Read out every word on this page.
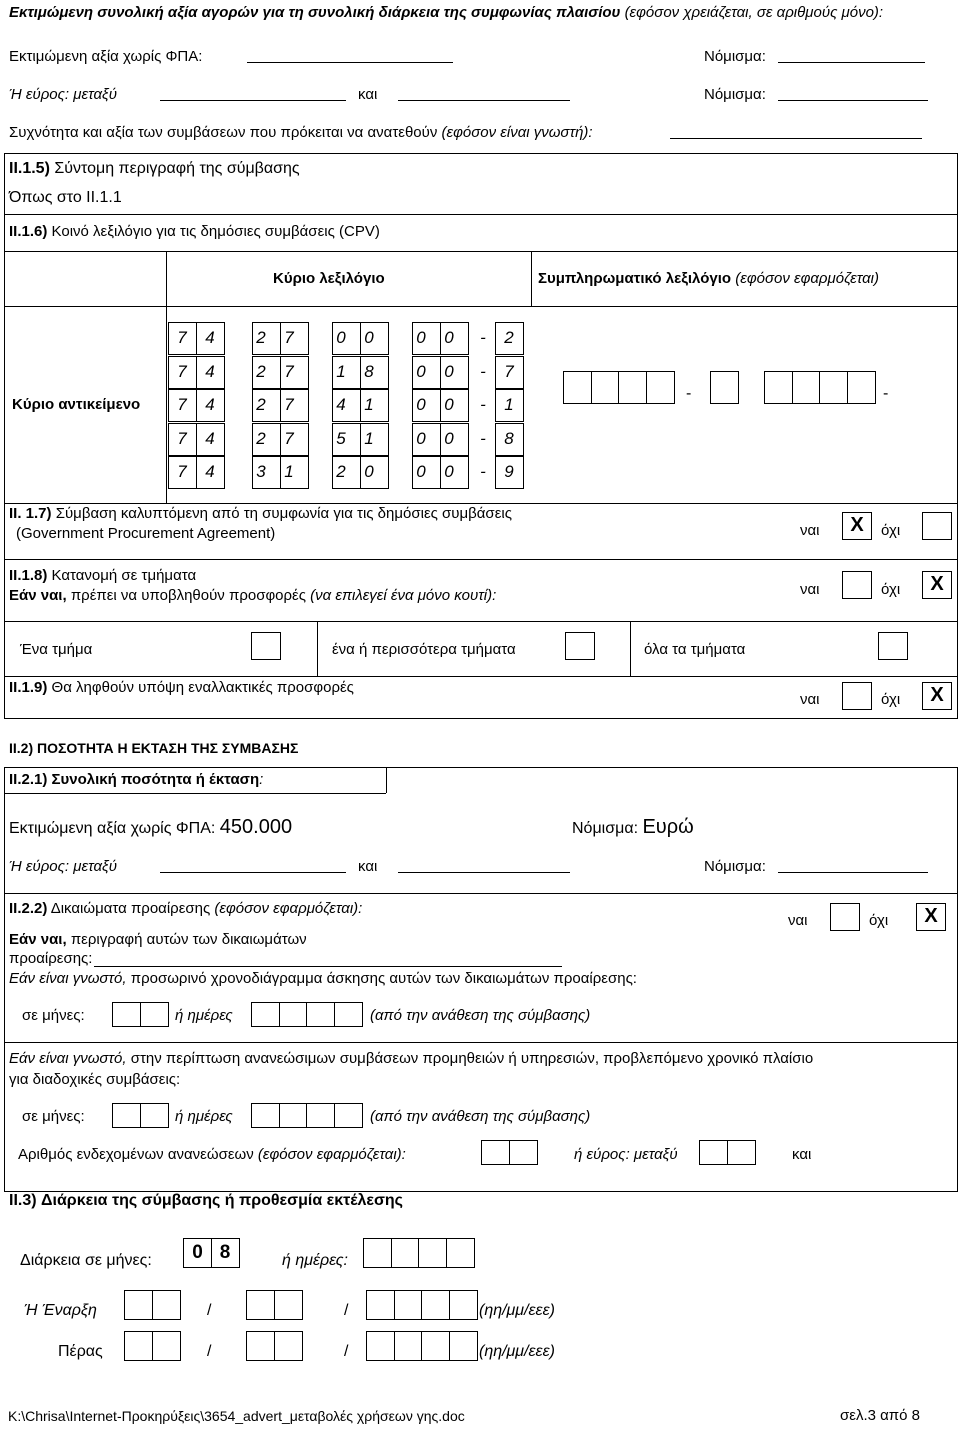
Εκτιμώμενη συνολική αξία αγορών για τη συνολική διάρκεια της συμφωνίας πλαισίου (εφόσον χρειάζεται, σε αριθμούς μόνο):
Εκτιμώμενη αξία χωρίς ΦΠΑ:	Νόμισμα:
Ή εύρος: μεταξύ	και	Νόμισμα:
Συχνότητα και αξία των συμβάσεων που πρόκειται να ανατεθούν (εφόσον είναι γνωστή):
ΙΙ.1.5) Σύντομη περιγραφή της σύμβασης
Όπως στο ΙΙ.1.1
ΙΙ.1.6) Κοινό λεξιλόγιο για τις δημόσιες συμβάσεις (CPV)
Κύριο λεξιλόγιο	Συμπληρωματικό λεξιλόγιο (εφόσον εφαρμόζεται)
Κύριο αντικείμενο
7 4 2 7	0 0	0 0 - 2
7 4 2 7	1 8	0 0 - 7
7 4 2 7	4 1	0 0 - 1
7 4 2 7	5 1	0 0 - 8
7 4 3 1	2 0	0 0 - 9
-	-
ΙΙ. 1.7) Σύμβαση καλυπτόμενη από τη συμφωνία για τις δημόσιες συμβάσεις
(Government Procurement Agreement)	ναι	Χ	όχι
ΙΙ.1.8) Κατανομή σε τμήματα
Εάν ναι, πρέπει να υποβληθούν προσφορές (να επιλεγεί ένα μόνο κουτί):	ναι	όχι	Χ
Ένα τμήμα	ένα ή περισσότερα τμήματα	όλα τα τμήματα
ΙΙ.1.9) Θα ληφθούν υπόψη εναλλακτικές προσφορές
ναι	όχι	Χ
ΙΙ.2) ΠΟΣΟΤΗΤΑ Η ΕΚΤΑΣΗ ΤΗΣ ΣΥΜΒΑΣΗΣ
ΙΙ.2.1) Συνολική ποσότητα ή έκταση:
Εκτιμώμενη αξία χωρίς ΦΠΑ: 450.000	Νόμισμα: Ευρώ
Ή εύρος: μεταξύ	και	Νόμισμα:
ΙΙ.2.2) Δικαιώματα προαίρεσης (εφόσον εφαρμόζεται):
ναι	όχι	Χ
Εάν ναι, περιγραφή αυτών των δικαιωμάτων
προαίρεσης:
Εάν είναι γνωστό, προσωρινό χρονοδιάγραμμα άσκησης αυτών των δικαιωμάτων προαίρεσης:
σε μήνες:	ή ημέρες	(από την ανάθεση της σύμβασης)
Εάν είναι γνωστό, στην περίπτωση ανανεώσιμων συμβάσεων προμηθειών ή υπηρεσιών, προβλεπόμενο χρονικό πλαίσιο
για διαδοχικές συμβάσεις:
σε μήνες:	ή ημέρες	(από την ανάθεση της σύμβασης)
Αριθμός ενδεχομένων ανανεώσεων (εφόσον εφαρμόζεται):	ή εύρος: μεταξύ	και
ΙΙ.3) Διάρκεια της σύμβασης ή προθεσμία εκτέλεσης
Διάρκεια σε μήνες:	0 8	ή ημέρες:
Ή Έναρξη	/	/	(ηη/μμ/εεε)
Πέρας	/	/	(ηη/μμ/εεε)
K:\Chrisa\Internet-Προκηρύξεις\3654_advert_μεταβολές χρήσεων γης.doc	σελ.3 από 8
